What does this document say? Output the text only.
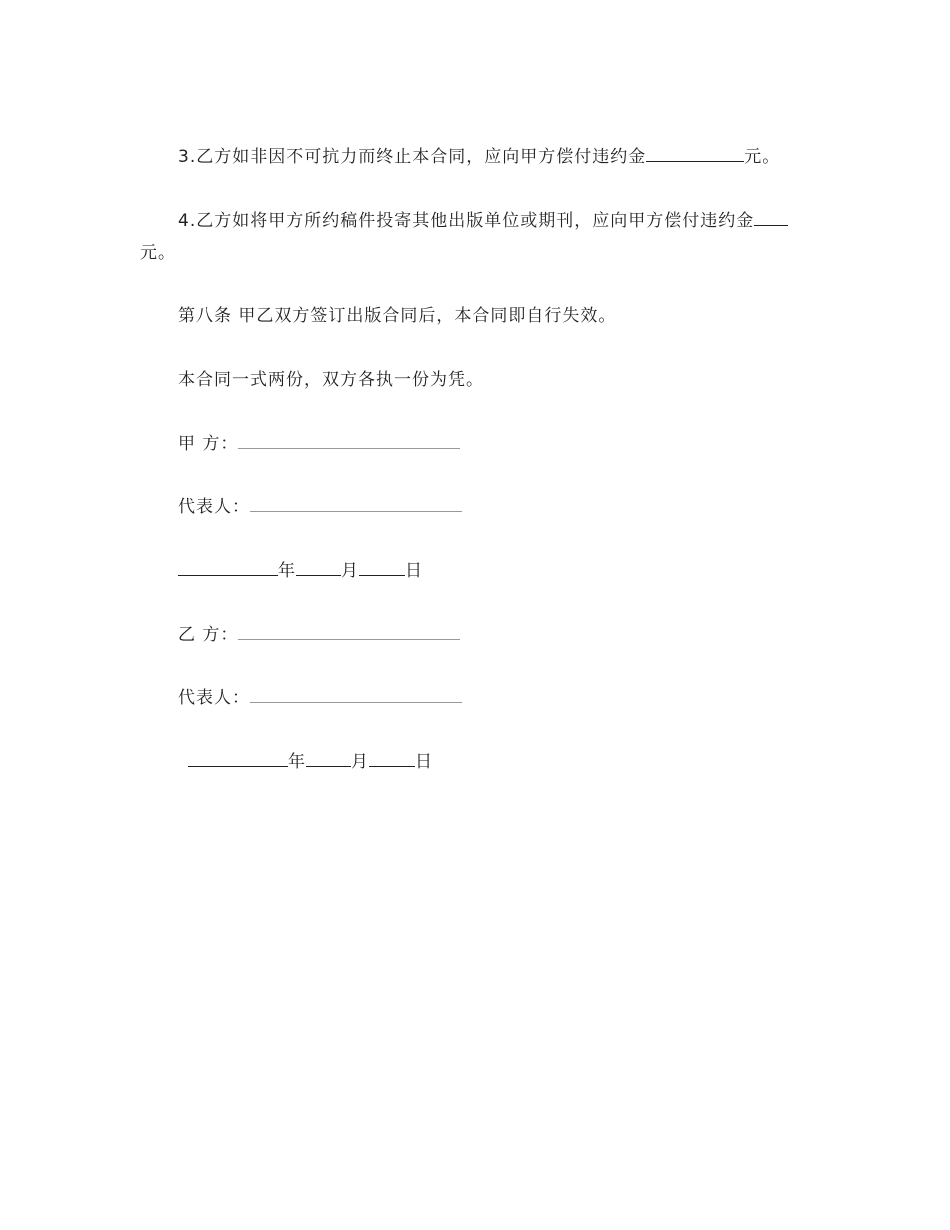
3.乙方如非因不可抗力而终止本合同，应向甲方偿付违约金	元。
4.乙方如将甲方所约稿件投寄其他出版单位或期刊，应向甲方偿付违约金
元。
第八条 甲乙双方签订出版合同后，本合同即自行失效。
本合同一式两份，双方各执一份为凭。
甲 方：
代表人：
年	月	日
乙 方：
代表人：
年	月	日
